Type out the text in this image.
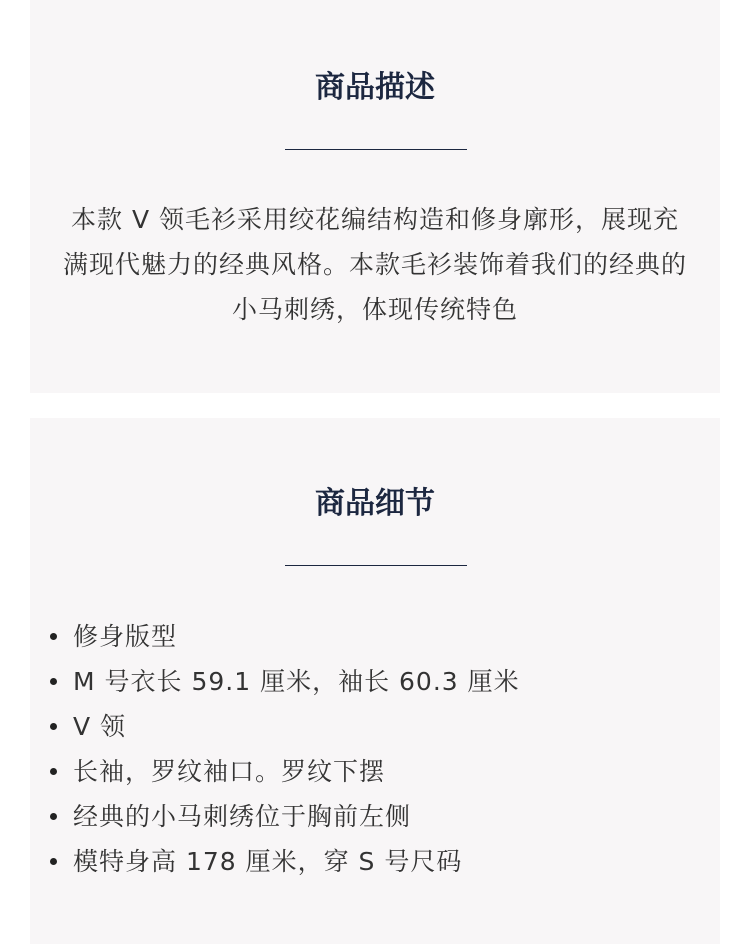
商品描述

本款 V 领毛衫采用绞花编结构造和修身廓形，展现充满现代魅力的经典风格。本款毛衫装饰着我们的经典的小马刺绣，体现传统特色

商品细节
修身版型
M 号衣长 59.1 厘米，袖长 60.3 厘米
V 领
长袖，罗纹袖口。罗纹下摆
经典的小马刺绣位于胸前左侧
模特身高 178 厘米，穿 S 号尺码
